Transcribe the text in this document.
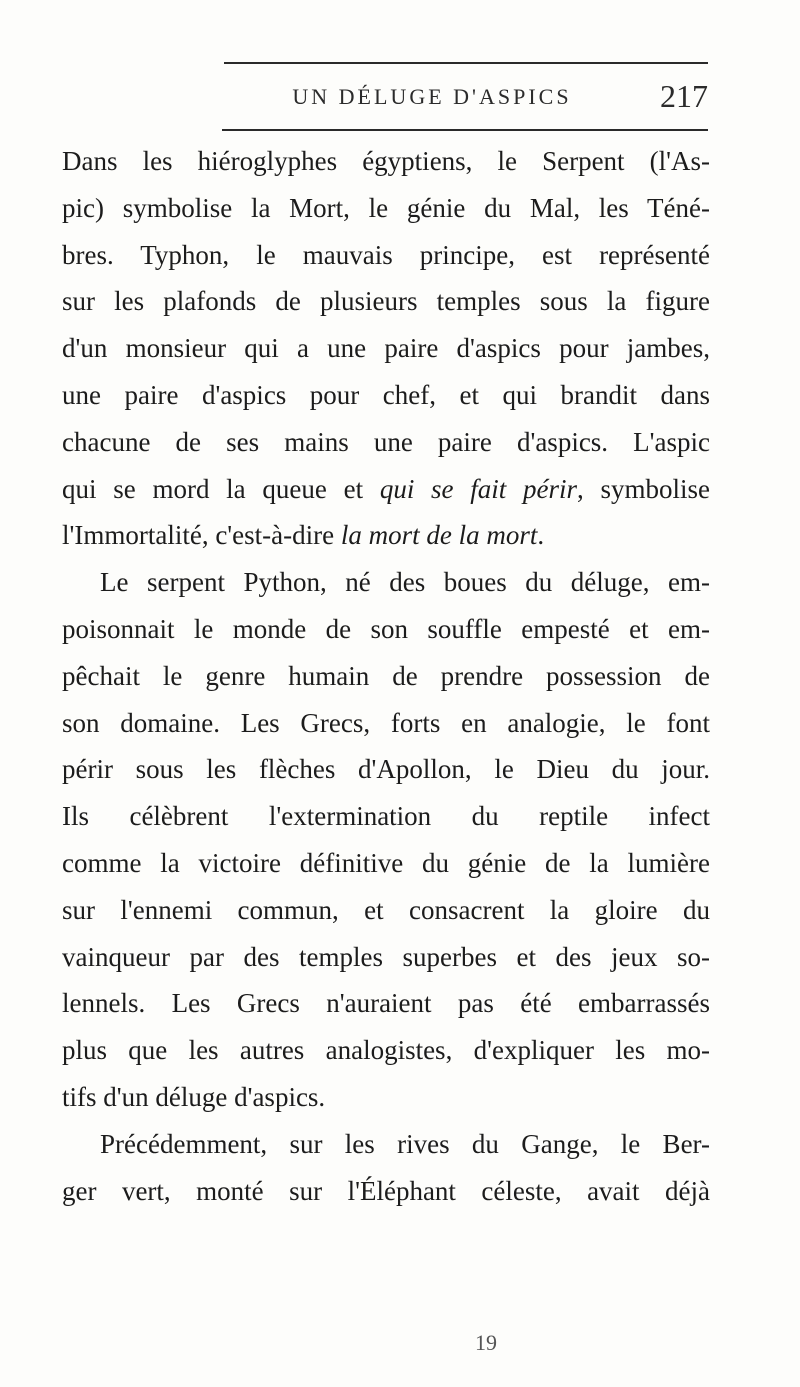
UN DÉLUGE D'ASPICS	217
Dans les hiéroglyphes égyptiens, le Serpent (l'As-
pic) symbolise la Mort, le génie du Mal, les Téné-
bres. Typhon, le mauvais principe, est représenté
sur les plafonds de plusieurs temples sous la figure
d'un monsieur qui a une paire d'aspics pour jambes,
une paire d'aspics pour chef, et qui brandit dans
chacune de ses mains une paire d'aspics. L'aspic
qui se mord la queue et qui se fait périr, symbolise
l'Immortalité, c'est-à-dire la mort de la mort.
Le serpent Python, né des boues du déluge, em-
poisonnait le monde de son souffle empesté et em-
pêchait le genre humain de prendre possession de
son domaine. Les Grecs, forts en analogie, le font
périr sous les flèches d'Apollon, le Dieu du jour.
Ils célèbrent l'extermination du reptile infect
comme la victoire définitive du génie de la lumière
sur l'ennemi commun, et consacrent la gloire du
vainqueur par des temples superbes et des jeux so-
lennels. Les Grecs n'auraient pas été embarrassés
plus que les autres analogistes, d'expliquer les mo-
tifs d'un déluge d'aspics.
Précédemment, sur les rives du Gange, le Ber-
ger vert, monté sur l'Éléphant céleste, avait déjà
19
